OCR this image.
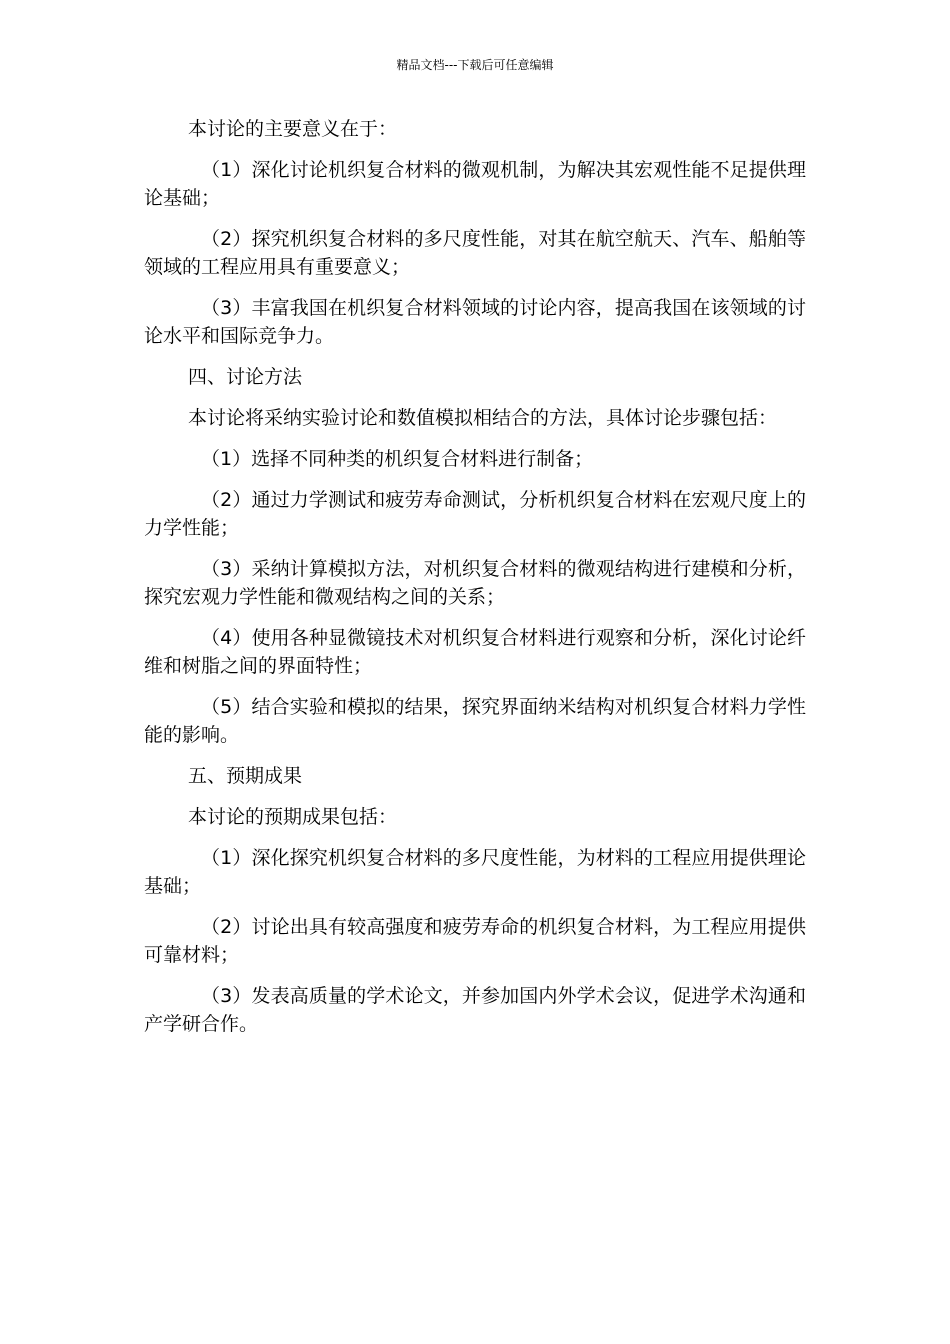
精品文档---下载后可任意编辑

本讨论的主要意义在于：

（1）深化讨论机织复合材料的微观机制，为解决其宏观性能不足提供理论基础；

（2）探究机织复合材料的多尺度性能，对其在航空航天、汽车、船舶等领域的工程应用具有重要意义；

（3）丰富我国在机织复合材料领域的讨论内容，提高我国在该领域的讨论水平和国际竞争力。

四、讨论方法

本讨论将采纳实验讨论和数值模拟相结合的方法，具体讨论步骤包括：

（1）选择不同种类的机织复合材料进行制备；

（2）通过力学测试和疲劳寿命测试，分析机织复合材料在宏观尺度上的力学性能；

（3）采纳计算模拟方法，对机织复合材料的微观结构进行建模和分析，探究宏观力学性能和微观结构之间的关系；

（4）使用各种显微镜技术对机织复合材料进行观察和分析，深化讨论纤维和树脂之间的界面特性；

（5）结合实验和模拟的结果，探究界面纳米结构对机织复合材料力学性能的影响。

五、预期成果

本讨论的预期成果包括：

（1）深化探究机织复合材料的多尺度性能，为材料的工程应用提供理论基础；

（2）讨论出具有较高强度和疲劳寿命的机织复合材料，为工程应用提供可靠材料；

（3）发表高质量的学术论文，并参加国内外学术会议，促进学术沟通和产学研合作。
